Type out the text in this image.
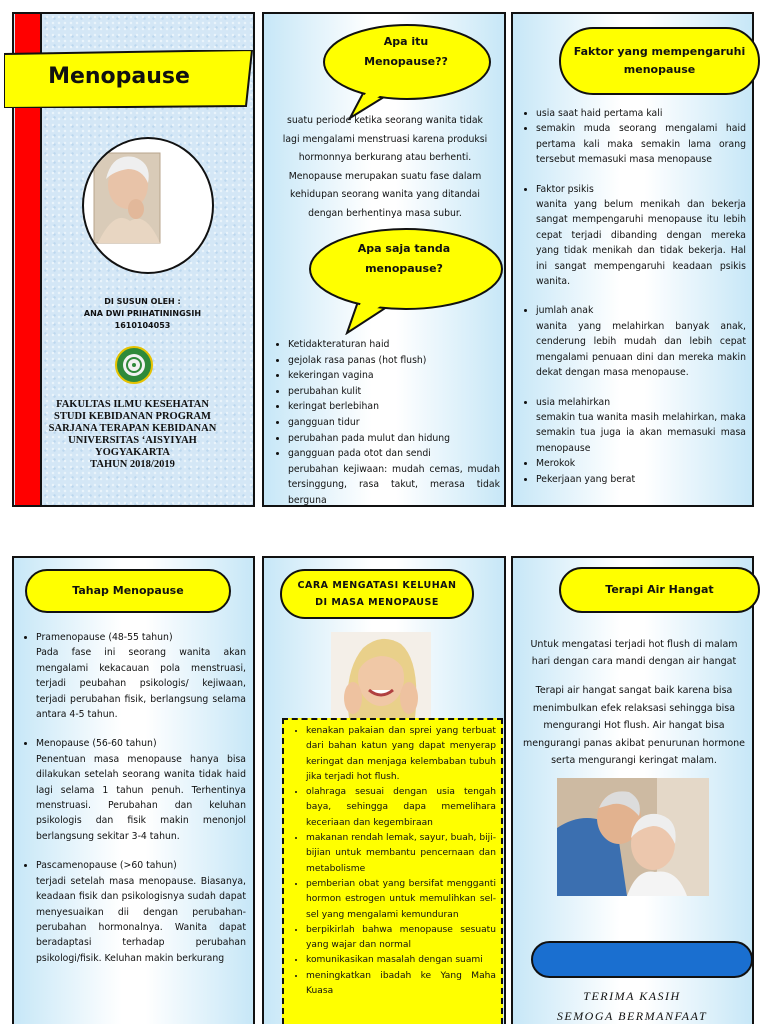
Menopause
DI SUSUN OLEH :
ANA DWI PRIHATININGSIH
1610104053
FAKULTAS ILMU KESEHATAN
STUDI KEBIDANAN PROGRAM
SARJANA TERAPAN KEBIDANAN
UNIVERSITAS ‘AISYIYAH
YOGYAKARTA
TAHUN 2018/2019
Apa itu
Menopause??
suatu periode ketika seorang wanita tidak
lagi mengalami menstruasi karena produksi
hormonnya berkurang atau berhenti.
Menopause merupakan suatu fase dalam
kehidupan seorang wanita yang ditandai
dengan berhentinya masa subur.
Apa saja tanda
menopause?
• Ketidakteraturan haid
• gejolak rasa panas (hot flush)
• kekeringan vagina
• perubahan kulit
• keringat berlebihan
• gangguan tidur
• perubahan pada mulut dan hidung
• gangguan pada otot dan sendi
• perubahan kejiwaan: mudah cemas, mudah tersinggung, rasa takut, merasa tidak berguna
Faktor yang mempengaruhi
menopause
• usia saat haid pertama kali
• semakin muda seorang mengalami haid pertama kali maka semakin lama orang tersebut memasuki masa menopause
• Faktor psikis
wanita yang belum menikah dan bekerja sangat mempengaruhi menopause itu lebih cepat terjadi dibanding dengan mereka yang tidak menikah dan tidak bekerja. Hal ini sangat mempengaruhi keadaan psikis wanita.
• jumlah anak
wanita yang melahirkan banyak anak, cenderung lebih mudah dan lebih cepat mengalami penuaan dini dan mereka makin dekat dengan masa menopause.
• usia melahirkan
semakin tua wanita masih melahirkan, maka semakin tua juga ia akan memasuki masa menopause
• Merokok
• Pekerjaan yang berat
Tahap Menopause
• Pramenopause (48-55 tahun)
Pada fase ini seorang wanita akan mengalami kekacauan pola menstruasi, terjadi peubahan psikologis/ kejiwaan, terjadi perubahan fisik, berlangsung selama antara 4-5 tahun.
• Menopause (56-60 tahun)
Penentuan masa menopause hanya bisa dilakukan setelah seorang wanita tidak haid lagi selama 1 tahun penuh. Terhentinya menstruasi. Perubahan dan keluhan psikologis dan fisik makin menonjol berlangsung sekitar 3-4 tahun.
• Pascamenopause (>60 tahun)
terjadi setelah masa menopause. Biasanya, keadaan fisik dan psikologisnya sudah dapat menyesuaikan dii dengan perubahan-perubahan hormonalnya. Wanita dapat beradaptasi terhadap perubahan psikologi/fisik. Keluhan makin berkurang
CARA MENGATASI KELUHAN
DI MASA MENOPAUSE
• kenakan pakaian dan sprei yang terbuat dari bahan katun yang dapat menyerap keringat dan menjaga kelembaban tubuh jika terjadi hot flush.
• olahraga sesuai dengan usia tengah baya, sehingga dapa memelihara keceriaan dan kegembiraan
• makanan rendah lemak, sayur, buah, biji-bijian untuk membantu pencernaan dan metabolisme
• pemberian obat yang bersifat mengganti hormon estrogen untuk memulihkan sel-sel yang mengalami kemunduran
• berpikirlah bahwa menopause sesuatu yang wajar dan normal
• komunikasikan masalah dengan suami
• meningkatkan ibadah ke Yang Maha Kuasa
Terapi Air Hangat
Untuk mengatasi terjadi hot flush di malam
hari dengan cara mandi dengan air hangat
Terapi air hangat sangat baik karena bisa
menimbulkan efek relaksasi sehingga bisa
mengurangi Hot flush. Air hangat bisa
mengurangi panas akibat penurunan hormone
serta mengurangi keringat malam.
TERIMA KASIH
SEMOGA BERMANFAAT
